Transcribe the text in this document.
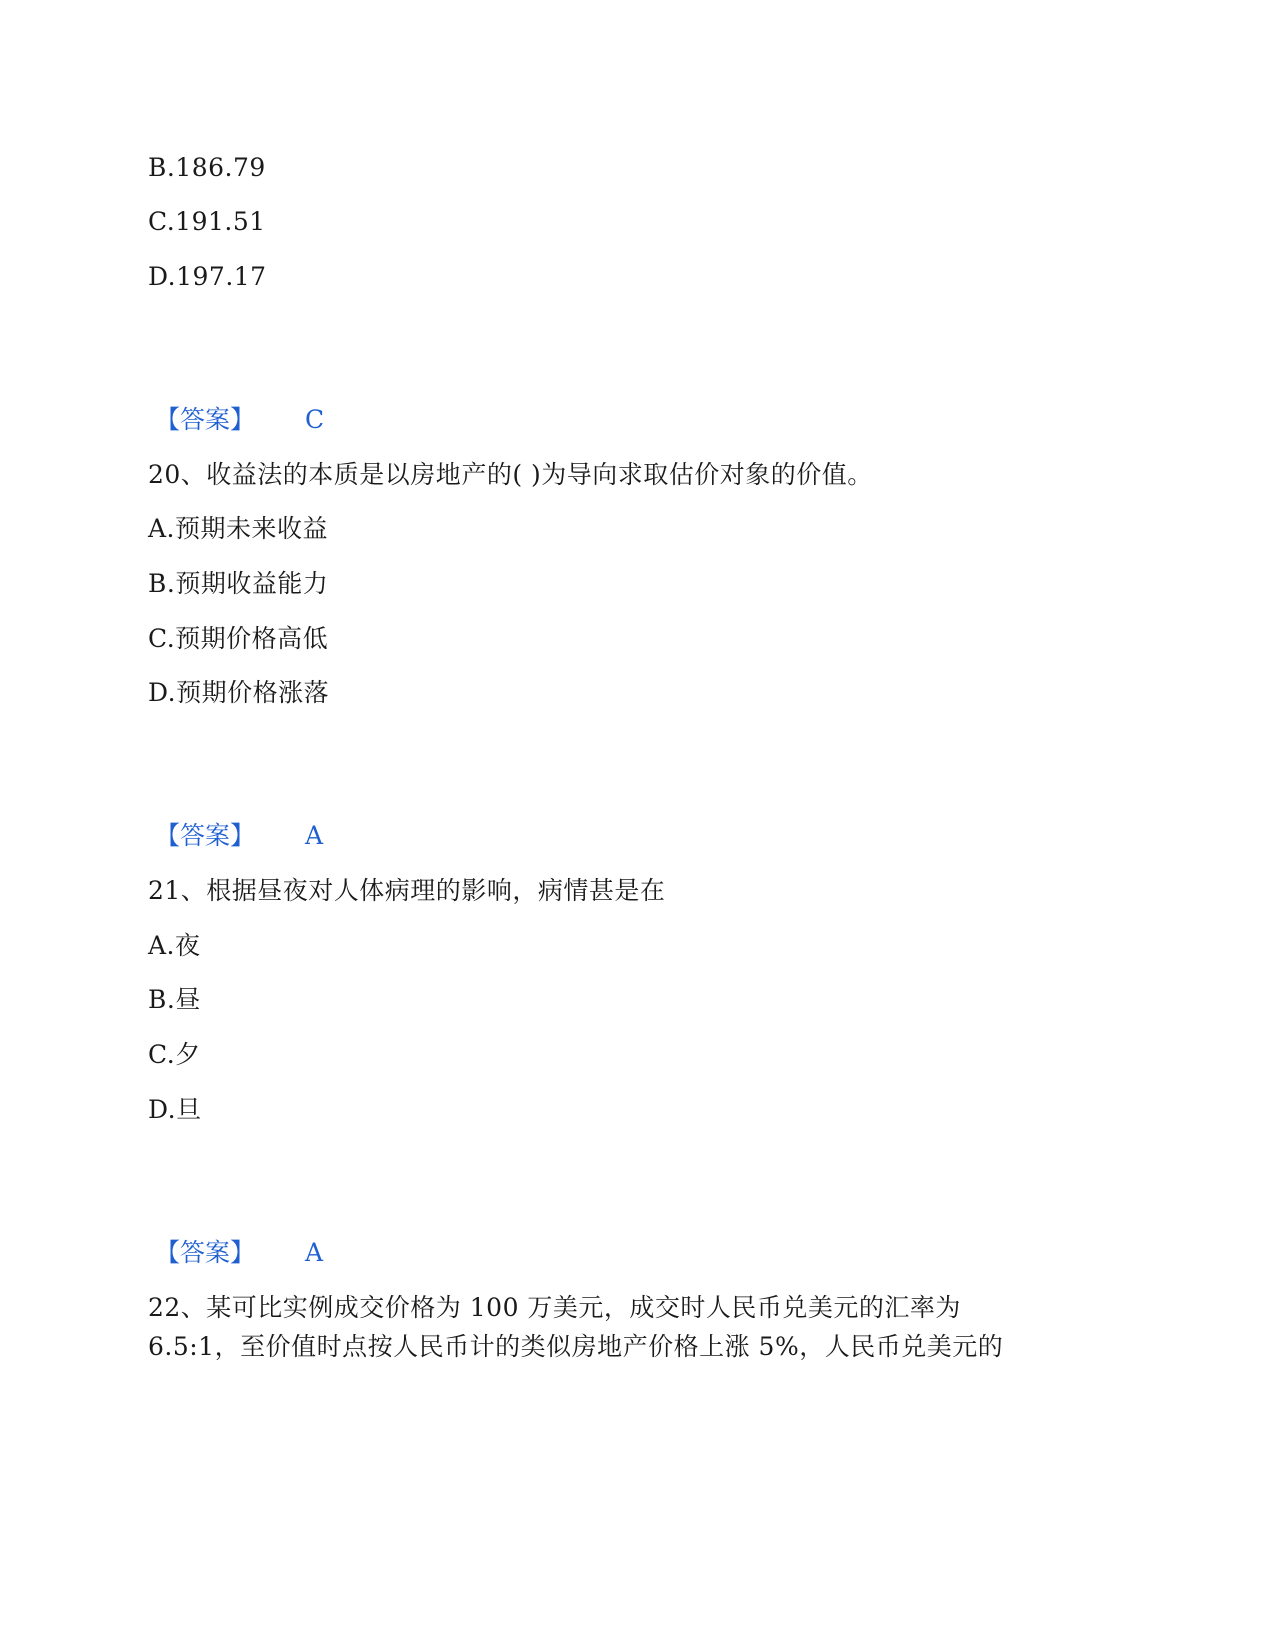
B.186.79
C.191.51
D.197.17
【答案】 C
20、收益法的本质是以房地产的( )为导向求取估价对象的价值。
A.预期未来收益
B.预期收益能力
C.预期价格高低
D.预期价格涨落
【答案】 A
21、根据昼夜对人体病理的影响，病情甚是在
A.夜
B.昼
C.夕
D.旦
【答案】 A
22、某可比实例成交价格为 100 万美元，成交时人民币兑美元的汇率为
6.5:1，至价值时点按人民币计的类似房地产价格上涨 5%，人民币兑美元的
